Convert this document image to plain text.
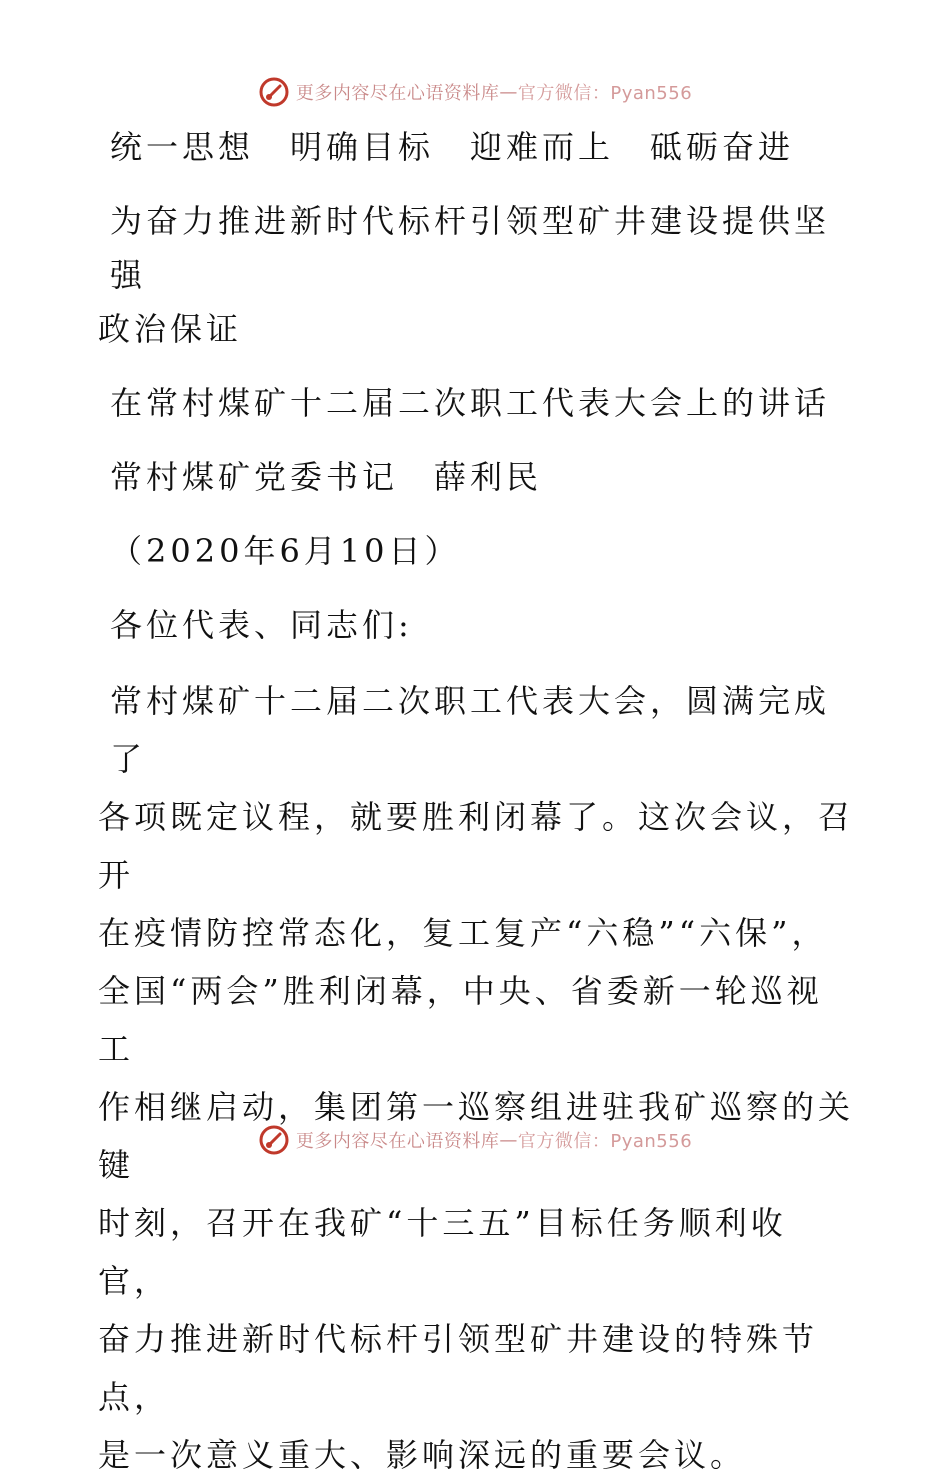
更多内容尽在心语资料库 — 官方微信：Pyan556

统一思想　明确目标　迎难而上　砥砺奋进

为奋力推进新时代标杆引领型矿井建设提供坚强

政治保证

在常村煤矿十二届二次职工代表大会上的讲话

常村煤矿党委书记　薛利民

（2020年6月10日）

各位代表、同志们:

常村煤矿十二届二次职工代表大会，圆满完成了

各项既定议程，就要胜利闭幕了。这次会议，召开

在疫情防控常态化，复工复产“六稳”“六保”，

全国“两会”胜利闭幕，中央、省委新一轮巡视工

作相继启动，集团第一巡察组进驻我矿巡察的关键

时刻，召开在我矿“十三五”目标任务顺利收官，

奋力推进新时代标杆引领型矿井建设的特殊节点，

是一次意义重大、影响深远的重要会议。

更多内容尽在心语资料库 — 官方微信：Pyan556
